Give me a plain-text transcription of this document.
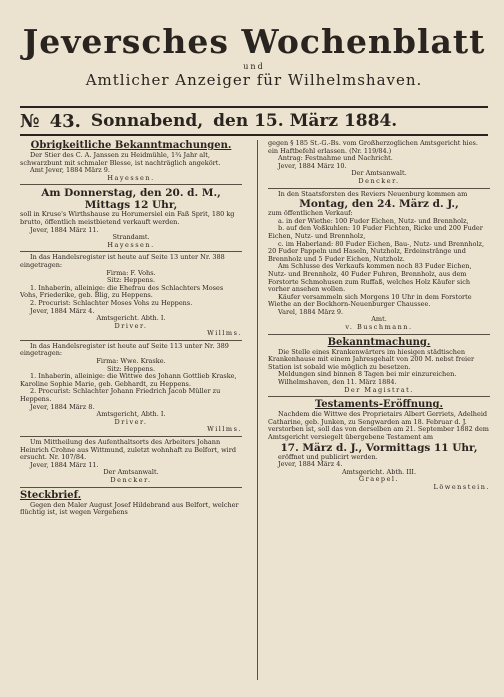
Jeversches Wochenblatt
und
Amtlicher Anzeiger für Wilhelmshaven.
№ 43. Sonnabend, den 15. März 1884.

Obrigkeitliche Bekanntmachungen.

Der Stier des C. A. Janssen zu Heidmühle, 1¾ Jahr alt, schwarzbunt mit schmaler Blesse, ist nachträglich angekört.

Amt Jever, 1884 März 9.

Hayessen.

Am Donnerstag, den 20. d. M., Mittags 12 Uhr,

soll in Kruse's Wirthshause zu Horumersiel ein Faß Sprit, 180 kg brutto, öffentlich meistbietend verkauft werden.

Jever, 1884 März 11.

Strandamt.

Hayessen.

In das Handelsregister ist heute auf Seite 13 unter Nr. 388 eingetragen:

Firma: F. Vohs.

Sitz: Heppens.

1. Inhaberin, alleinige: die Ehefrau des Schlachters Moses Vohs, Friederike, geb. Blig, zu Heppens.

2. Procurist: Schlachter Moses Vohs zu Heppens.

Jever, 1884 März 4.

Amtsgericht. Abth. I.

Driver.

Willms.

In das Handelsregister ist heute auf Seite 113 unter Nr. 389 eingetragen:

Firma: Wwe. Kraske.

Sitz: Heppens.

1. Inhaberin, alleinige: die Wittwe des Johann Gottlieb Kraske, Karoline Sophie Marie, geb. Gebhardt, zu Heppens.

2. Procurist: Schlachter Johann Friedrich Jacob Müller zu Heppens.

Jever, 1884 März 8.

Amtsgericht, Abth. I.

Driver.

Willms.

Um Mittheilung des Aufenthaltsorts des Arbeiters Johann Heinrich Crohne aus Wittmund, zuletzt wohnhaft zu Belfort, wird ersucht. Nr. 107/84.

Jever, 1884 März 11.

Der Amtsanwalt.

Dencker.

Steckbrief.

Gegen den Maler August Josef Hildebrand aus Belfort, welcher flüchtig ist, ist wegen Vergehens

gegen § 185 St.-G.-Bs. vom Großherzoglichen Amtsgericht hies. ein Haftbefehl erlassen. (Nr. 119/84.)

Antrag: Festnahme und Nachricht.

Jever, 1884 März 10.

Der Amtsanwalt.

Dencker.

In den Staatsforsten des Reviers Neuenburg kommen am

Montag, den 24. März d. J.,

zum öffentlichen Verkauf:

a. in der Wiethe: 100 Fuder Eichen, Nutz- und Brennholz,

b. auf den Voßkuhlen: 10 Fuder Fichten, Ricke und 200 Fuder Eichen, Nutz- und Brennholz,

c. im Haberland: 80 Fuder Eichen, Bau-, Nutz- und Brennholz, 20 Fuder Pappeln und Haseln, Nutzholz, Erdeinstränge und Brennholz und 5 Fuder Eichen, Nutzholz.

Am Schlusse des Verkaufs kommen noch 83 Fuder Eichen, Nutz- und Brennholz, 40 Fuder Fuhren, Brennholz, aus dem Forstorte Schmohusen zum Ruffaß, welches Holz Käufer sich vorher ansehen wollen.

Käufer versammeln sich Morgens 10 Uhr in dem Forstorte Wiethe an der Bockhorn-Neuenburger Chaussee.

Varel, 1884 März 9.

Amt.

v. Buschmann.

Bekanntmachung.

Die Stelle eines Krankenwärters im hiesigen städtischen Krankenhause mit einem Jahresgehalt von 200 M. nebst freier Station ist sobald wie möglich zu besetzen.

Meldungen sind binnen 8 Tagen bei mir einzureichen.

Wilhelmshaven, den 11. März 1884.

Der Magistrat.

Testaments-Eröffnung.

Nachdem die Wittwe des Proprietairs Albert Gerriets, Adelheid Catharine, geb. Junken, zu Sengwarden am 18. Februar d. J. verstorben ist, soll das von derselben am 21. September 1882 dem Amtsgericht versiegelt übergebene Testament am

17. März d. J., Vormittags 11 Uhr,

eröffnet und publicirt werden.

Jever, 1884 März 4.

Amtsgericht. Abth. III.

Graepel.

Löwenstein.
